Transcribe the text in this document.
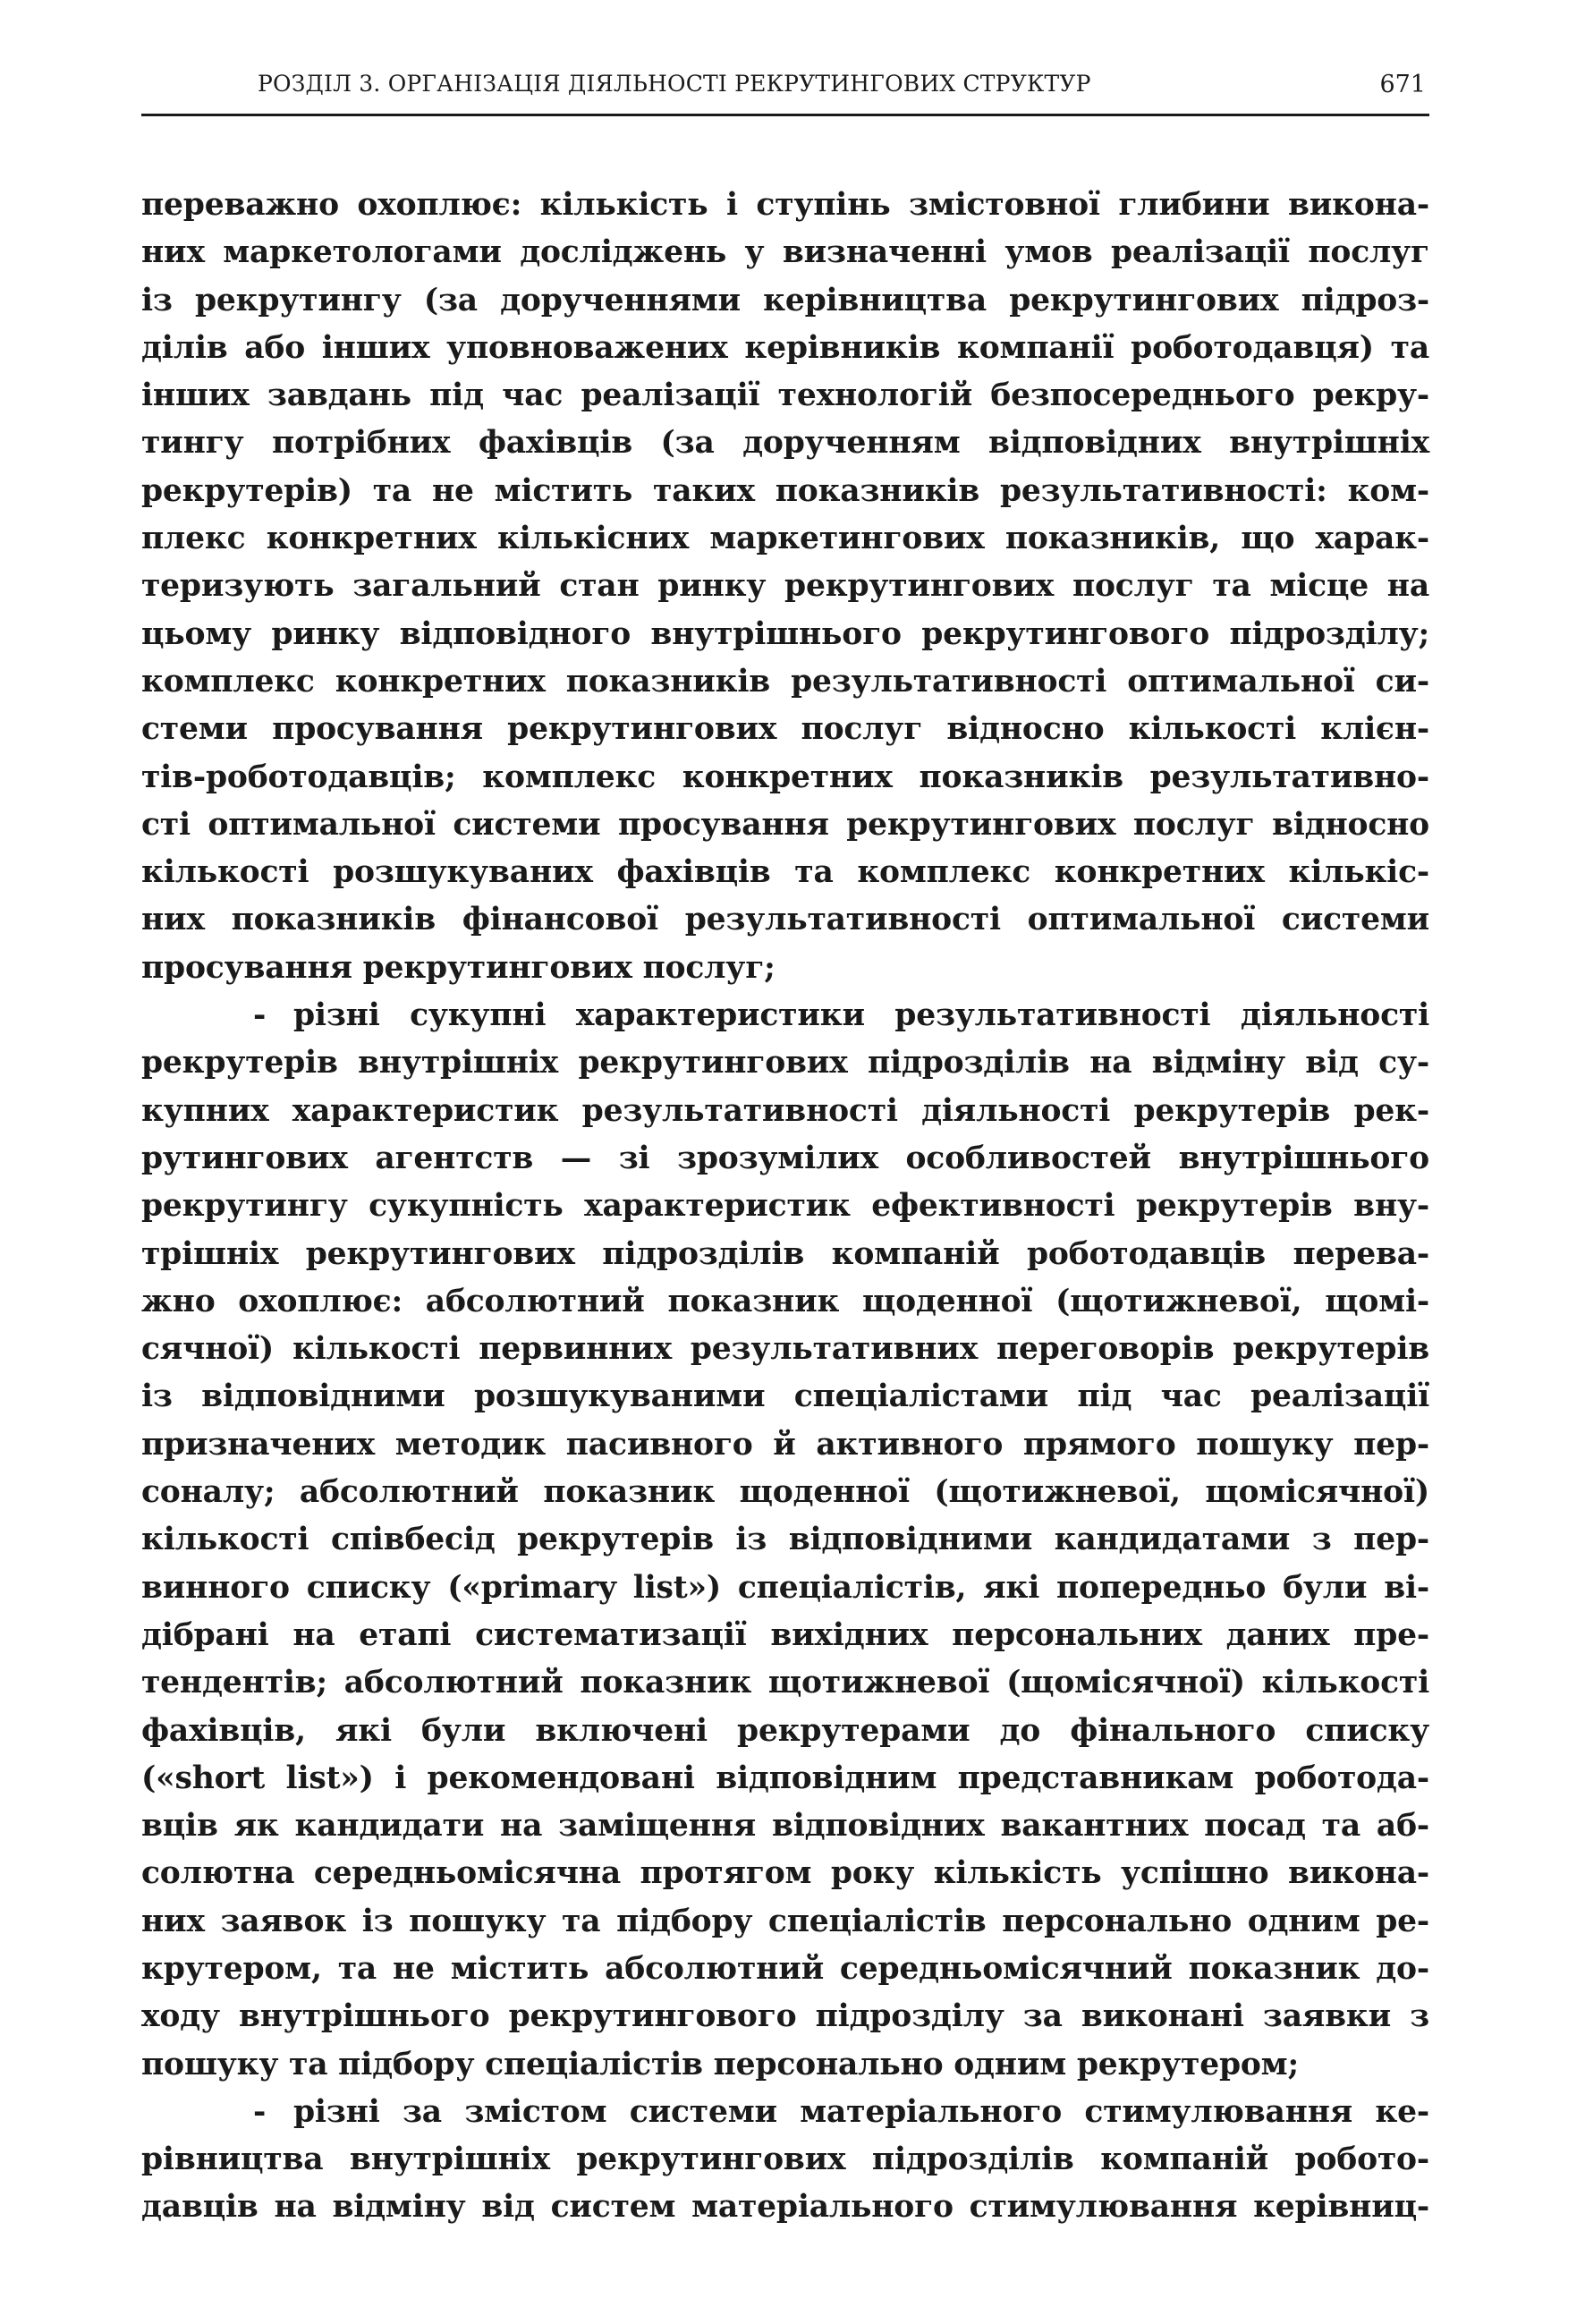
РОЗДІЛ 3. ОРГАНІЗАЦІЯ ДІЯЛЬНОСТІ РЕКРУТИНГОВИХ СТРУКТУР	671
переважно охоплює: кількість і ступінь змістовної глибини викона-
них маркетологами досліджень у визначенні умов реалізації послуг
із рекрутингу (за дорученнями керівництва рекрутингових підроз-
ділів або інших уповноважених керівників компанії роботодавця) та
інших завдань під час реалізації технологій безпосереднього рекру-
тингу потрібних фахівців (за дорученням відповідних внутрішніх
рекрутерів) та не містить таких показників результативності: ком-
плекс конкретних кількісних маркетингових показників, що харак-
теризують загальний стан ринку рекрутингових послуг та місце на
цьому ринку відповідного внутрішнього рекрутингового підрозділу;
комплекс конкретних показників результативності оптимальної си-
стеми просування рекрутингових послуг відносно кількості клієн-
тів-роботодавців; комплекс конкретних показників результативно-
сті оптимальної системи просування рекрутингових послуг відносно
кількості розшукуваних фахівців та комплекс конкретних кількіс-
них показників фінансової результативності оптимальної системи
просування рекрутингових послуг;
- різні сукупні характеристики результативності діяльності
рекрутерів внутрішніх рекрутингових підрозділів на відміну від су-
купних характеристик результативності діяльності рекрутерів рек-
рутингових агентств — зі зрозумілих особливостей внутрішнього
рекрутингу сукупність характеристик ефективності рекрутерів вну-
трішніх рекрутингових підрозділів компаній роботодавців перева-
жно охоплює: абсолютний показник щоденної (щотижневої, щомі-
сячної) кількості первинних результативних переговорів рекрутерів
із відповідними розшукуваними спеціалістами під час реалізації
призначених методик пасивного й активного прямого пошуку пер-
соналу; абсолютний показник щоденної (щотижневої, щомісячної)
кількості співбесід рекрутерів із відповідними кандидатами з пер-
винного списку («primary list») спеціалістів, які попередньо були ві-
дібрані на етапі систематизації вихідних персональних даних пре-
тендентів; абсолютний показник щотижневої (щомісячної) кількості
фахівців, які були включені рекрутерами до фінального списку
(«short list») і рекомендовані відповідним представникам роботода-
вців як кандидати на заміщення відповідних вакантних посад та аб-
солютна середньомісячна протягом року кількість успішно викона-
них заявок із пошуку та підбору спеціалістів персонально одним ре-
крутером, та не містить абсолютний середньомісячний показник до-
ходу внутрішнього рекрутингового підрозділу за виконані заявки з
пошуку та підбору спеціалістів персонально одним рекрутером;
- різні за змістом системи матеріального стимулювання ке-
рівництва внутрішніх рекрутингових підрозділів компаній робото-
давців на відміну від систем матеріального стимулювання керівниц-
